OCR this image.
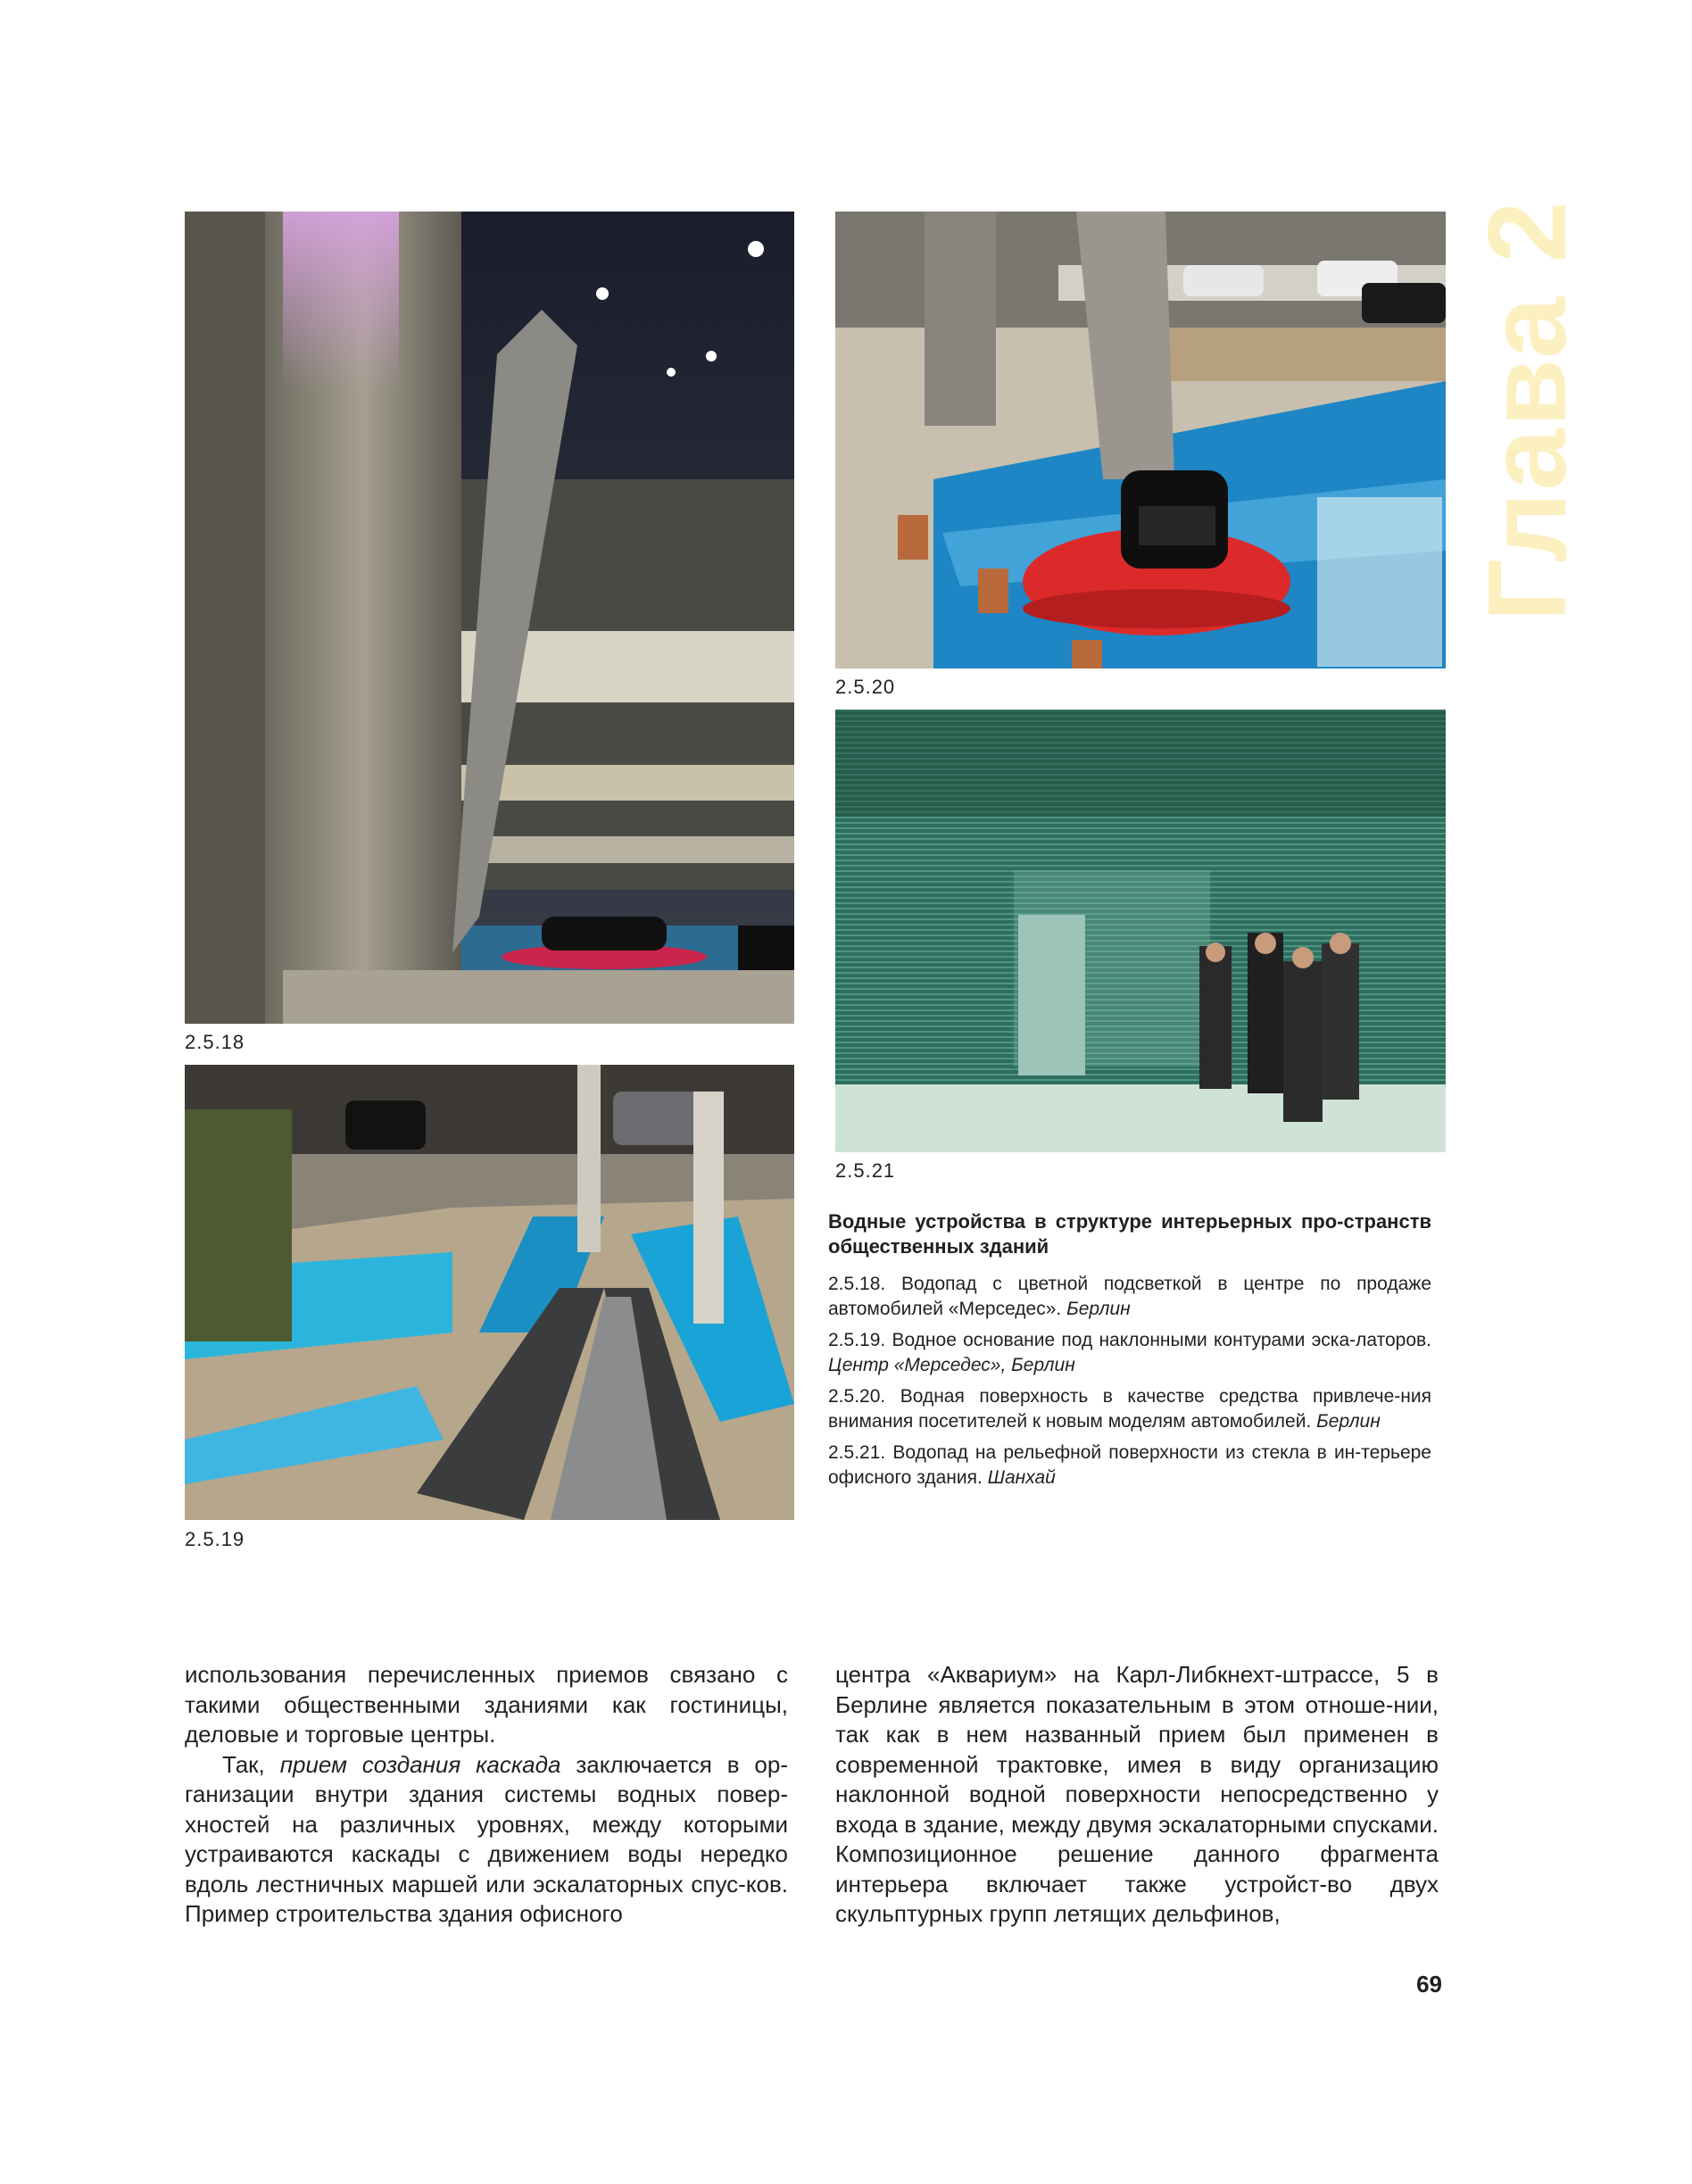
2.5.18
2.5.19
2.5.20
2.5.21
Глава 2

Водные устройства в структуре интерьерных про-странств общественных зданий

2.5.18. Водопад с цветной подсветкой в центре по продаже автомобилей «Мерседес». Берлин

2.5.19. Водное основание под наклонными контурами эска-латоров. Центр «Мерседес», Берлин

2.5.20. Водная поверхность в качестве средства привлече-ния внимания посетителей к новым моделям автомобилей. Берлин

2.5.21. Водопад на рельефной поверхности из стекла в ин-терьере офисного здания. Шанхай

использования перечисленных приемов связано с такими общественными зданиями как гостиницы, деловые и торговые центры.

Так, прием создания каскада заключается в ор-ганизации внутри здания системы водных повер-хностей на различных уровнях, между которыми устраиваются каскады с движением воды нередко вдоль лестничных маршей или эскалаторных спус-ков. Пример строительства здания офисного

центра «Аквариум» на Карл-Либкнехт-штрассе, 5 в Берлине является показательным в этом отноше-нии, так как в нем названный прием был применен в современной трактовке, имея в виду организацию наклонной водной поверхности непосредственно у входа в здание, между двумя эскалаторными спусками. Композиционное решение данного фрагмента интерьера включает также устройст-во двух скульптурных групп летящих дельфинов,

69
